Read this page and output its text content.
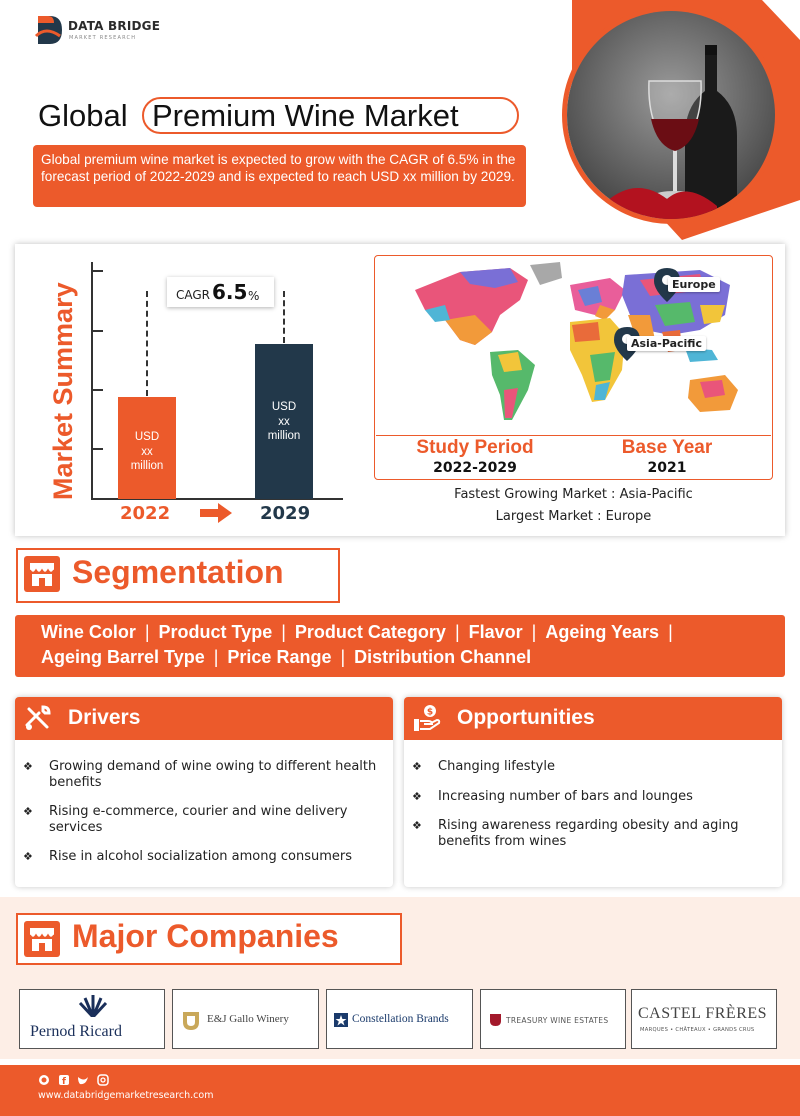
DATA BRIDGE
MARKET RESEARCH
Global Premium Wine Market
Global premium wine market is expected to grow with the CAGR of 6.5% in the forecast period of 2022-2029 and is expected to reach USD xx million by 2029.
Market Summary	USD
xx
million
USD
xx
million
CAGR 6.5 %
2022	2029
Europe
Asia-Pacific
Study Period
2022-2029
Base Year
2021
Fastest Growing Market : Asia-Pacific
Largest Market : Europe
Segmentation
Wine Color | Product Type | Product Category | Flavor | Ageing Years |
Ageing Barrel Type | Price Range | Distribution Channel
Drivers
❖ Growing demand of wine owing to different health benefits
❖ Rising e-commerce, courier and wine delivery services
❖ Rise in alcohol socialization among consumers
$ Opportunities
❖ Changing lifestyle
❖ Increasing number of bars and lounges
❖ Rising awareness regarding obesity and aging benefits from wines
Major Companies
Pernod Ricard
E&J Gallo Winery	Constellation Brands	TREASURY WINE ESTATES CASTEL FRÈRES
MARQUES • CHÂTEAUX • GRANDS CRUS
f
www.databridgemarketresearch.com
